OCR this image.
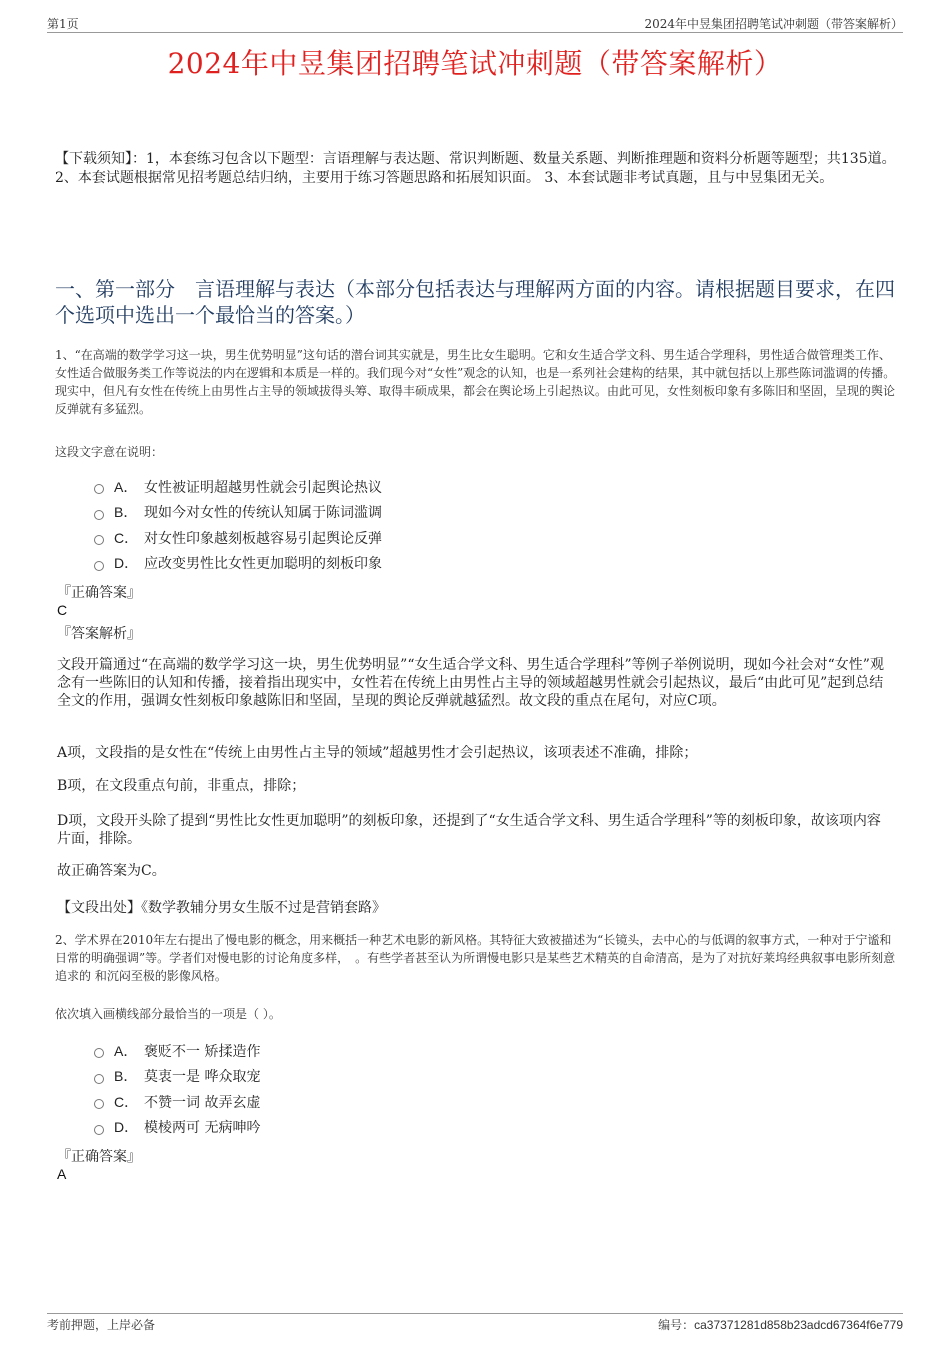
第1页	2024年中昱集团招聘笔试冲刺题（带答案解析）
2024年中昱集团招聘笔试冲刺题（带答案解析）
【下载须知】：1，本套练习包含以下题型：言语理解与表达题、常识判断题、数量关系题、判断推理题和资料分析题等题型；共135道。 2、本套试题根据常见招考题总结归纳，主要用于练习答题思路和拓展知识面。 3、本套试题非考试真题，且与中昱集团无关。
一、第一部分　言语理解与表达（本部分包括表达与理解两方面的内容。请根据题目要求，在四个选项中选出一个最恰当的答案。）
1、“在高端的数学学习这一块，男生优势明显”这句话的潜台词其实就是，男生比女生聪明。它和女生适合学文科、男生适合学理科，男性适合做管理类工作、女性适合做服务类工作等说法的内在逻辑和本质是一样的。我们现今对“女性”观念的认知，也是一系列社会建构的结果，其中就包括以上那些陈词滥调的传播。现实中，但凡有女性在传统上由男性占主导的领域拔得头筹、取得丰硕成果，都会在舆论场上引起热议。由此可见，女性刻板印象有多陈旧和坚固，呈现的舆论反弹就有多猛烈。
这段文字意在说明：
A． 女性被证明超越男性就会引起舆论热议
B． 现如今对女性的传统认知属于陈词滥调
C． 对女性印象越刻板越容易引起舆论反弹
D． 应改变男性比女性更加聪明的刻板印象
『正确答案』
C
『答案解析』
文段开篇通过“在高端的数学学习这一块，男生优势明显”“女生适合学文科、男生适合学理科”等例子举例说明，现如今社会对“女性”观念有一些陈旧的认知和传播，接着指出现实中，女性若在传统上由男性占主导的领域超越男性就会引起热议，最后“由此可见”起到总结全文的作用，强调女性刻板印象越陈旧和坚固，呈现的舆论反弹就越猛烈。故文段的重点在尾句，对应C项。
A项，文段指的是女性在“传统上由男性占主导的领域”超越男性才会引起热议，该项表述不准确，排除；
B项，在文段重点句前，非重点，排除；
D项，文段开头除了提到“男性比女性更加聪明”的刻板印象，还提到了“女生适合学文科、男生适合学理科”等的刻板印象，故该项内容片面，排除。
故正确答案为C。
【文段出处】《数学教辅分男女生版不过是营销套路》
2、学术界在2010年左右提出了慢电影的概念，用来概括一种艺术电影的新风格。其特征大致被描述为“长镜头，去中心的与低调的叙事方式，一种对于宁谧和日常的明确强调”等。学者们对慢电影的讨论角度多样，　。有些学者甚至认为所谓慢电影只是某些艺术精英的自命清高，是为了对抗好莱坞经典叙事电影所刻意追求的 和沉闷至极的影像风格。
依次填入画横线部分最恰当的一项是（ ）。
A． 褒贬不一 矫揉造作
B． 莫衷一是 哗众取宠
C． 不赞一词 故弄玄虚
D． 模棱两可 无病呻吟
『正确答案』
A
考前押题，上岸必备	编号：ca37371281d858b23adcd67364f6e779
